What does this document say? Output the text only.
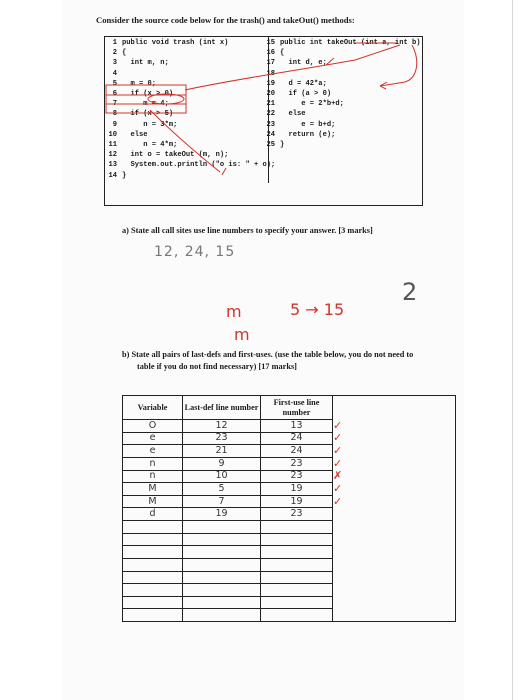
Consider the source code below for the trash() and takeOut() methods:
1 public void trash (int x)
2 {
3 int m, n;
4
5 m = 0;
6 if (x > 0)
7 m = 4;
8 if (x > 5)
9 n = 3*m;
10 else
11 n = 4*m;
12 int o = takeOut (m, n);
13 System.out.println ("o is: " + o);
14 }
15 public int takeOut (int a, int b)
16 {
17 int d, e;
18
19 d = 42*a;
20 if (a > 0)
21 e = 2*b+d;
22 else
23 e = b+d;
24 return (e);
25 }
a) State all call sites use line numbers to specify your answer. [3 marks]
12, 24, 15
2
m	5 → 15
m
b) State all pairs of last-defs and first-uses. (use the table below, you do not need to
table if you do not find necessary) [17 marks]
Variable	Last-def line number	First-use line number	
O	12	13	✓
e	23	24	✓
e	21	24	✓
n	9	23	✓
n	10	23	✗
M	5	19	✓
M	7	19	✓
d	19	23	
